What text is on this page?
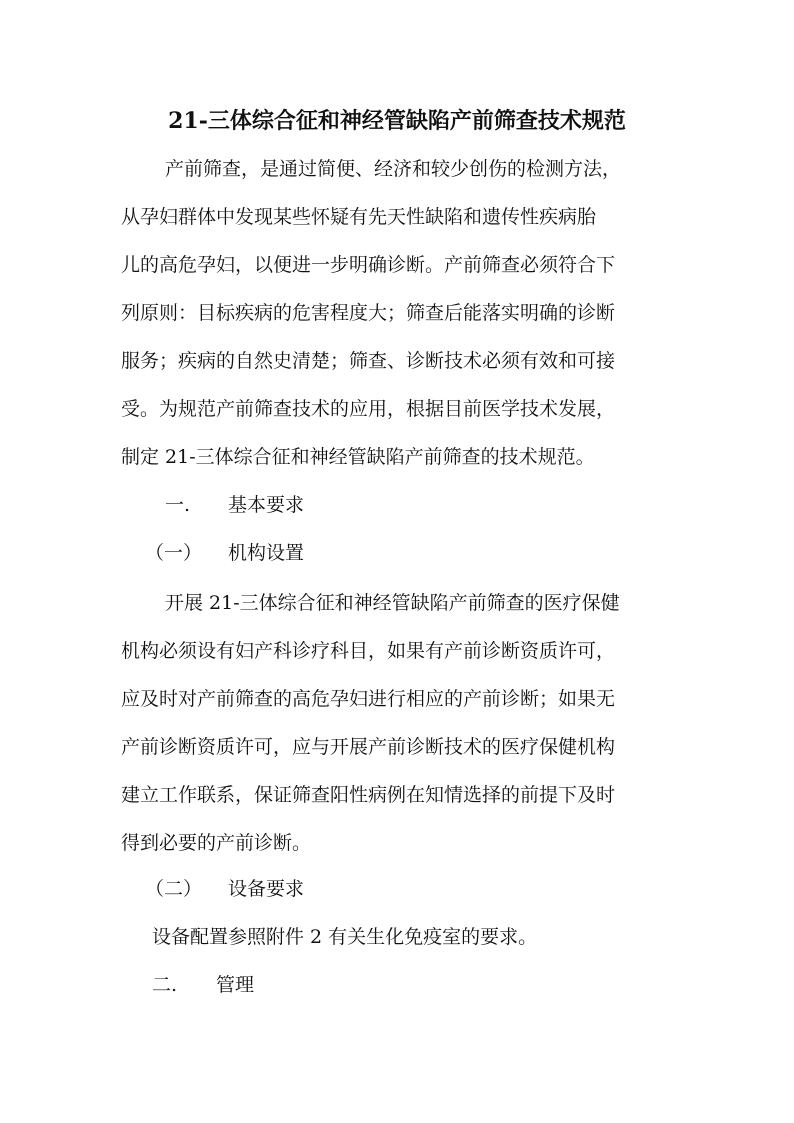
21-三体综合征和神经管缺陷产前筛查技术规范
产前筛查，是通过简便、经济和较少创伤的检测方法，
从孕妇群体中发现某些怀疑有先天性缺陷和遗传性疾病胎
儿的高危孕妇，以便进一步明确诊断。产前筛查必须符合下
列原则：目标疾病的危害程度大；筛查后能落实明确的诊断
服务；疾病的自然史清楚；筛查、诊断技术必须有效和可接
受。为规范产前筛查技术的应用，根据目前医学技术发展，
制定 21-三体综合征和神经管缺陷产前筛查的技术规范。
一. 基本要求
（一） 机构设置
开展 21-三体综合征和神经管缺陷产前筛查的医疗保健
机构必须设有妇产科诊疗科目，如果有产前诊断资质许可，
应及时对产前筛查的高危孕妇进行相应的产前诊断；如果无
产前诊断资质许可，应与开展产前诊断技术的医疗保健机构
建立工作联系，保证筛查阳性病例在知情选择的前提下及时
得到必要的产前诊断。
（二） 设备要求
设备配置参照附件 2 有关生化免疫室的要求。
二. 管理
